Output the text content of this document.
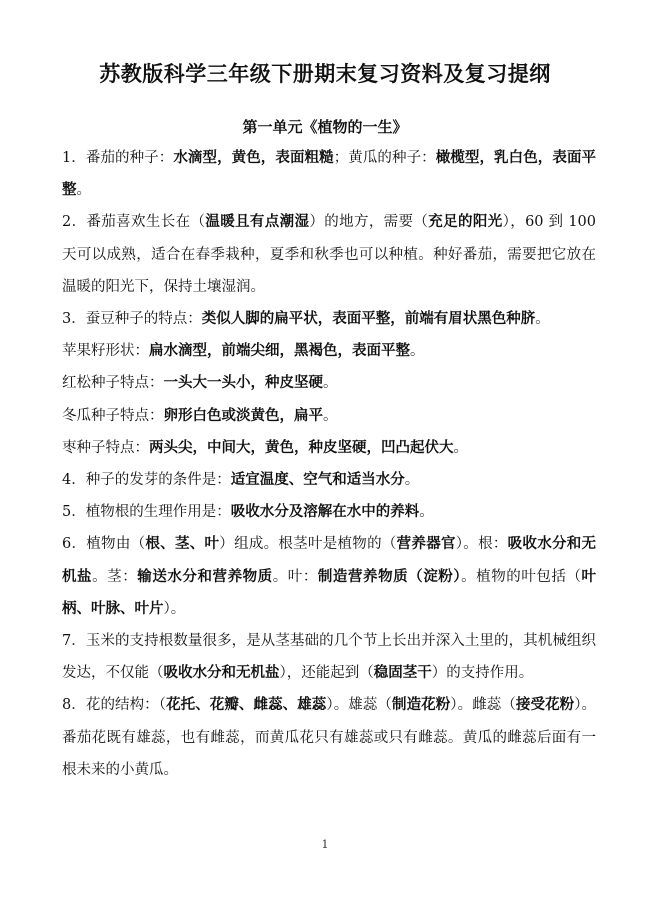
苏教版科学三年级下册期末复习资料及复习提纲
第一单元《植物的一生》

1．番茄的种子：水滴型，黄色，表面粗糙；黄瓜的种子：橄榄型，乳白色，表面平整。

2．番茄喜欢生长在（温暖且有点潮湿）的地方，需要（充足的阳光），60 到 100 天可以成熟，适合在春季栽种，夏季和秋季也可以种植。种好番茄，需要把它放在温暖的阳光下，保持土壤湿润。

3．蚕豆种子的特点：类似人脚的扁平状，表面平整，前端有眉状黑色种脐。

苹果籽形状：扁水滴型，前端尖细，黑褐色，表面平整。

红松种子特点：一头大一头小，种皮坚硬。

冬瓜种子特点：卵形白色或淡黄色，扁平。

枣种子特点：两头尖，中间大，黄色，种皮坚硬，凹凸起伏大。

4．种子的发芽的条件是：适宜温度、空气和适当水分。

5．植物根的生理作用是：吸收水分及溶解在水中的养料。

6．植物由（根、茎、叶）组成。根茎叶是植物的（营养器官）。根：吸收水分和无机盐。茎：输送水分和营养物质。叶：制造营养物质（淀粉）。植物的叶包括（叶柄、叶脉、叶片）。

7．玉米的支持根数量很多，是从茎基础的几个节上长出并深入土里的，其机械组织发达，不仅能（吸收水分和无机盐），还能起到（稳固茎干）的支持作用。

8．花的结构：（花托、花瓣、雌蕊、雄蕊）。雄蕊（制造花粉）。雌蕊（接受花粉）。番茄花既有雄蕊，也有雌蕊，而黄瓜花只有雄蕊或只有雌蕊。黄瓜的雌蕊后面有一根未来的小黄瓜。

1
